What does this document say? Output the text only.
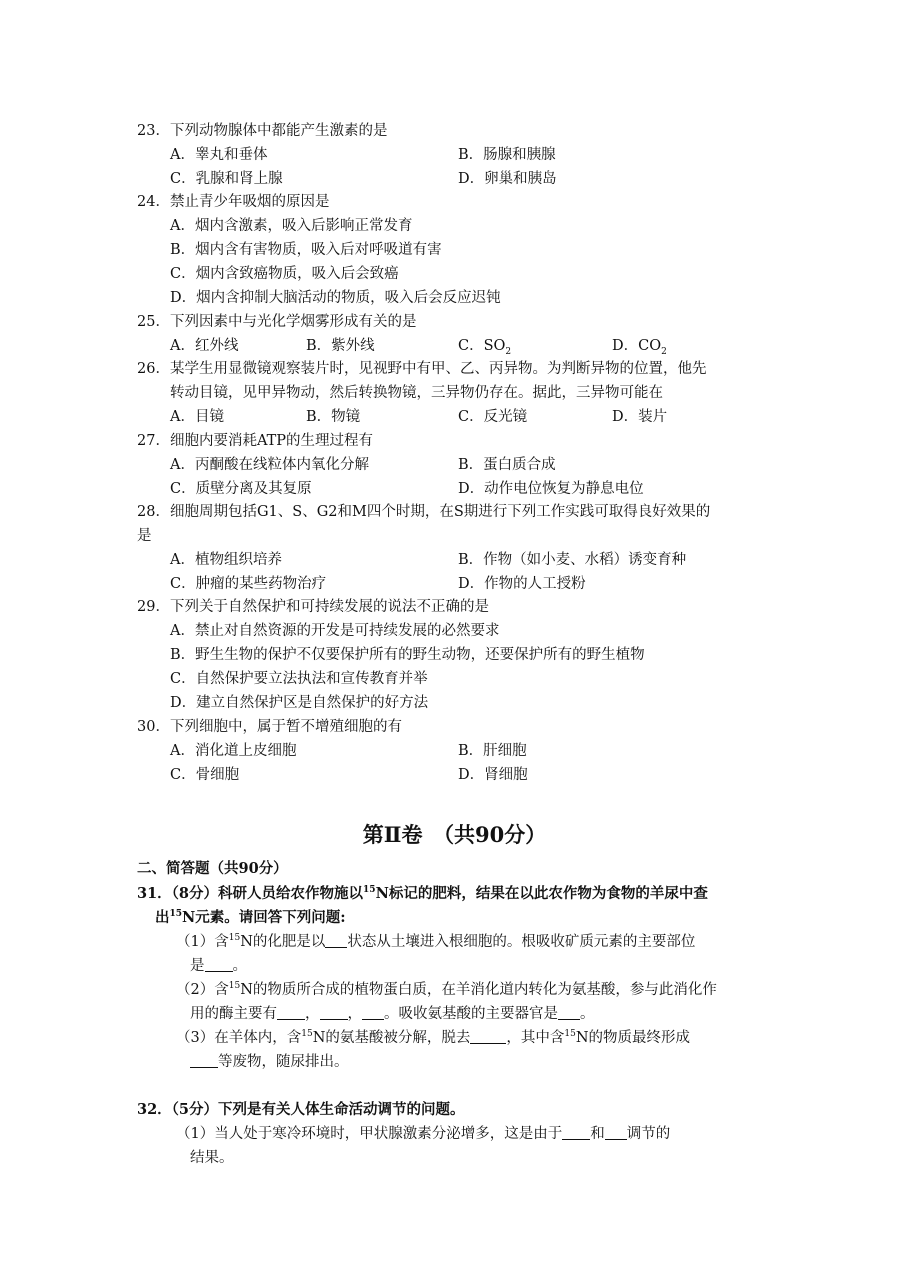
23．下列动物腺体中都能产生激素的是
A．睾丸和垂体	B．肠腺和胰腺
C．乳腺和肾上腺	D．卵巢和胰岛
24．禁止青少年吸烟的原因是
A．烟内含激素，吸入后影响正常发育
B．烟内含有害物质，吸入后对呼吸道有害
C．烟内含致癌物质，吸入后会致癌
D．烟内含抑制大脑活动的物质，吸入后会反应迟钝
25．下列因素中与光化学烟雾形成有关的是
A．红外线	B．紫外线	C．$SO_2$	D．$CO_2$
26．某学生用显微镜观察装片时，见视野中有甲、乙、丙异物。为判断异物的位置，他先
转动目镜，见甲异物动，然后转换物镜，三异物仍存在。据此，三异物可能在
A．目镜	B．物镜	C．反光镜	D．装片
27．细胞内要消耗ATP的生理过程有
A．丙酮酸在线粒体内氧化分解	B．蛋白质合成
C．质壁分离及其复原	D．动作电位恢复为静息电位
28．细胞周期包括G1、S、G2和M四个时期，在S期进行下列工作实践可取得良好效果的
是
A．植物组织培养	B．作物（如小麦、水稻）诱变育种
C．肿瘤的某些药物治疗	D．作物的人工授粉
29．下列关于自然保护和可持续发展的说法不正确的是
A．禁止对自然资源的开发是可持续发展的必然要求
B．野生生物的保护不仅要保护所有的野生动物，还要保护所有的野生植物
C．自然保护要立法执法和宣传教育并举
D．建立自然保护区是自然保护的好方法
30．下列细胞中，属于暂不增殖细胞的有
A．消化道上皮细胞	B．肝细胞
C．骨细胞	D．肾细胞
第Ⅱ卷　（共90分）
二、简答题（共90分）
31．（8分）科研人员给农作物施以$^{15}$N标记的肥料，结果在以此农作物为食物的羊尿中查
出$^{15}$N元素。请回答下列问题:
（1）含$^{15}$N的化肥是以 状态从土壤进入根细胞的。根吸收矿质元素的主要部位
是 。
（2）含$^{15}$N的物质所合成的植物蛋白质，在羊消化道内转化为氨基酸，参与此消化作
用的酶主要有 ， ， 。吸收氨基酸的主要器官是 。
（3）在羊体内，含$^{15}$N的氨基酸被分解，脱去 ，其中含$^{15}$N的物质最终形成
等废物，随尿排出。
32．（5分）下列是有关人体生命活动调节的问题。
（1）当人处于寒冷环境时，甲状腺激素分泌增多，这是由于 和 调节的
结果。
